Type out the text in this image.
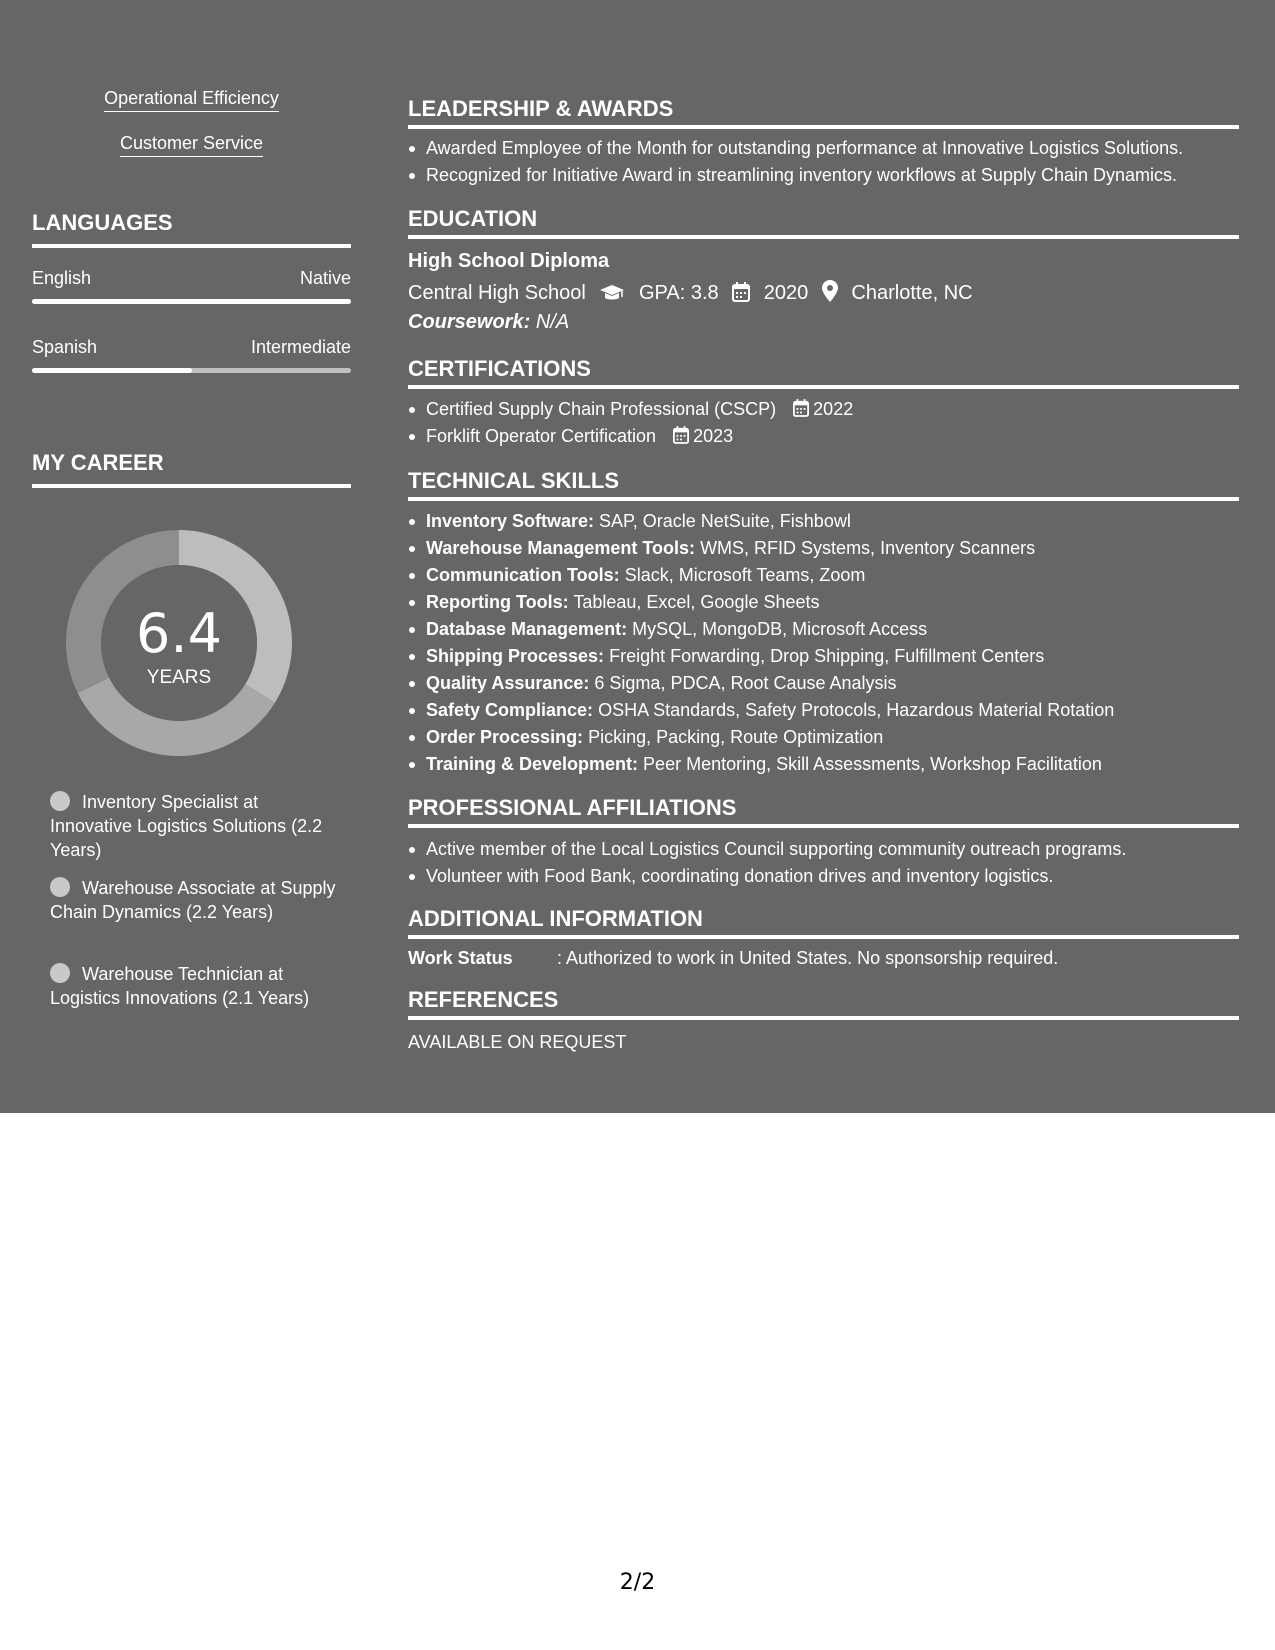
Operational Efficiency
Customer Service
LANGUAGES
English	Native
Spanish	Intermediate
MY CAREER
6.4
YEARS
Inventory Specialist at Innovative Logistics Solutions (2.2 Years)
Warehouse Associate at Supply Chain Dynamics (2.2 Years)
Warehouse Technician at Logistics Innovations (2.1 Years)
LEADERSHIP & AWARDS
Awarded Employee of the Month for outstanding performance at Innovative Logistics Solutions.
Recognized for Initiative Award in streamlining inventory workflows at Supply Chain Dynamics.
EDUCATION
High School Diploma
Central High School	GPA: 3.8 2020 Charlotte, NC
Coursework: N/A
CERTIFICATIONS
Certified Supply Chain Professional (CSCP) 2022
Forklift Operator Certification 2023
TECHNICAL SKILLS
Inventory Software: SAP, Oracle NetSuite, Fishbowl
Warehouse Management Tools: WMS, RFID Systems, Inventory Scanners
Communication Tools: Slack, Microsoft Teams, Zoom
Reporting Tools: Tableau, Excel, Google Sheets
Database Management: MySQL, MongoDB, Microsoft Access
Shipping Processes: Freight Forwarding, Drop Shipping, Fulfillment Centers
Quality Assurance: 6 Sigma, PDCA, Root Cause Analysis
Safety Compliance: OSHA Standards, Safety Protocols, Hazardous Material Rotation
Order Processing: Picking, Packing, Route Optimization
Training & Development: Peer Mentoring, Skill Assessments, Workshop Facilitation
PROFESSIONAL AFFILIATIONS
Active member of the Local Logistics Council supporting community outreach programs.
Volunteer with Food Bank, coordinating donation drives and inventory logistics.
ADDITIONAL INFORMATION
Work Status : Authorized to work in United States. No sponsorship required.
REFERENCES
AVAILABLE ON REQUEST
2/2
